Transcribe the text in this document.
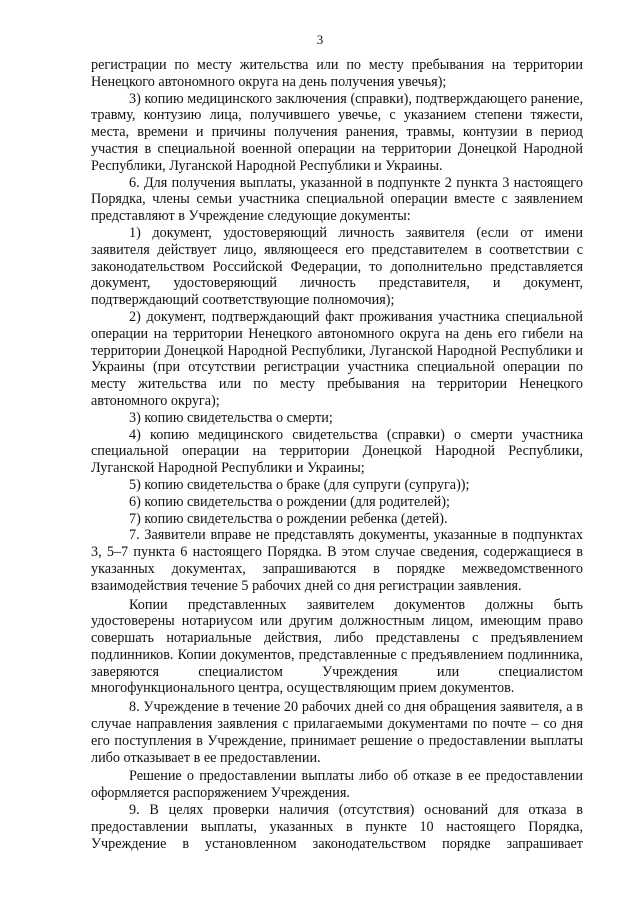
3

регистрации по месту жительства или по месту пребывания на территории Ненецкого автономного округа на день получения увечья);

3) копию медицинского заключения (справки), подтверждающего ранение, травму, контузию лица, получившего увечье, с указанием степени тяжести, места, времени и причины получения ранения, травмы, контузии в период участия в специальной военной операции на территории Донецкой Народной Республики, Луганской Народной Республики и Украины.

6. Для получения выплаты, указанной в подпункте 2 пункта 3 настоящего Порядка, члены семьи участника специальной операции вместе с заявлением представляют в Учреждение следующие документы:

1) документ, удостоверяющий личность заявителя (если от имени заявителя действует лицо, являющееся его представителем в соответствии с законодательством Российской Федерации, то дополнительно представляется документ, удостоверяющий личность представителя, и документ, подтверждающий соответствующие полномочия);

2) документ, подтверждающий факт проживания участника специальной операции на территории Ненецкого автономного округа на день его гибели на территории Донецкой Народной Республики, Луганской Народной Республики и Украины (при отсутствии регистрации участника специальной операции по месту жительства или по месту пребывания на территории Ненецкого автономного округа);

3) копию свидетельства о смерти;

4) копию медицинского свидетельства (справки) о смерти участника специальной операции на территории Донецкой Народной Республики, Луганской Народной Республики и Украины;

5) копию свидетельства о браке (для супруги (супруга));

6) копию свидетельства о рождении (для родителей);

7) копию свидетельства о рождении ребенка (детей).

7. Заявители вправе не представлять документы, указанные в подпунктах 3, 5–7 пункта 6 настоящего Порядка. В этом случае сведения, содержащиеся в указанных документах, запрашиваются в порядке межведомственного взаимодействия течение 5 рабочих дней со дня регистрации заявления.

Копии представленных заявителем документов должны быть удостоверены нотариусом или другим должностным лицом, имеющим право совершать нотариальные действия, либо представлены с предъявлением подлинников. Копии документов, представленные с предъявлением подлинника, заверяются специалистом Учреждения или специалистом многофункционального центра, осуществляющим прием документов.

8. Учреждение в течение 20 рабочих дней со дня обращения заявителя, а в случае направления заявления с прилагаемыми документами по почте – со дня его поступления в Учреждение, принимает решение о предоставлении выплаты либо отказывает в ее предоставлении.

Решение о предоставлении выплаты либо об отказе в ее предоставлении оформляется распоряжением Учреждения.

9. В целях проверки наличия (отсутствия) оснований для отказа в предоставлении выплаты, указанных в пункте 10 настоящего Порядка, Учреждение в установленном законодательством порядке запрашивает
